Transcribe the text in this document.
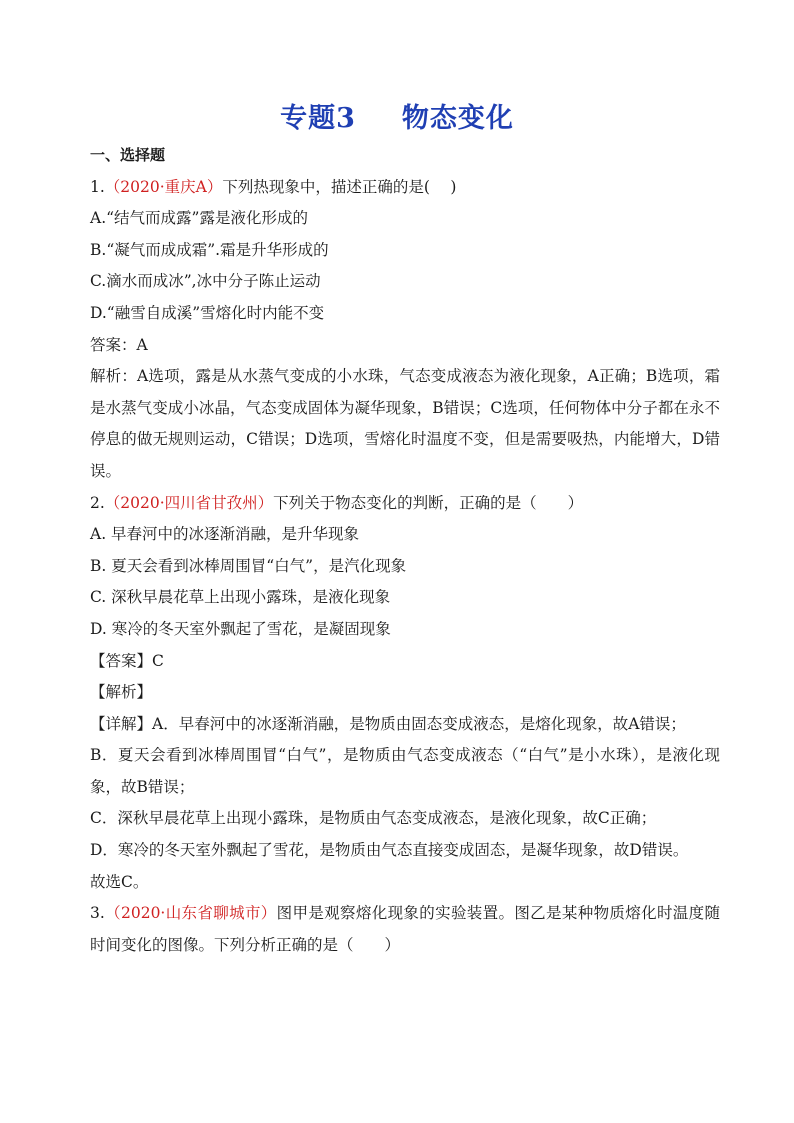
专题3 物态变化
一、选择题
1.（2020·重庆A）下列热现象中，描述正确的是(　 )
A.“结气而成露”露是液化形成的
B.“凝气而成成霜”.霜是升华形成的
C.滴水而成冰”,冰中分子陈止运动
D.“融雪自成溪”雪熔化时内能不变
答案：A
解析：A选项，露是从水蒸气变成的小水珠，气态变成液态为液化现象，A正确；B选项，霜是水蒸气变成小冰晶，气态变成固体为凝华现象，B错误；C选项，任何物体中分子都在永不停息的做无规则运动，C错误；D选项，雪熔化时温度不变，但是需要吸热，内能增大，D错误。
2.（2020·四川省甘孜州）下列关于物态变化的判断，正确的是（　　）
A. 早春河中的冰逐渐消融，是升华现象
B. 夏天会看到冰棒周围冒“白气”，是汽化现象
C. 深秋早晨花草上出现小露珠，是液化现象
D. 寒冷的冬天室外飘起了雪花，是凝固现象
【答案】C
【解析】
【详解】A．早春河中的冰逐渐消融，是物质由固态变成液态，是熔化现象，故A错误；
B．夏天会看到冰棒周围冒“白气”，是物质由气态变成液态（“白气”是小水珠），是液化现象，故B错误；
C．深秋早晨花草上出现小露珠，是物质由气态变成液态，是液化现象，故C正确；
D．寒冷的冬天室外飘起了雪花，是物质由气态直接变成固态，是凝华现象，故D错误。
故选C。
3.（2020·山东省聊城市）图甲是观察熔化现象的实验装置。图乙是某种物质熔化时温度随时间变化的图像。下列分析正确的是（　　）
